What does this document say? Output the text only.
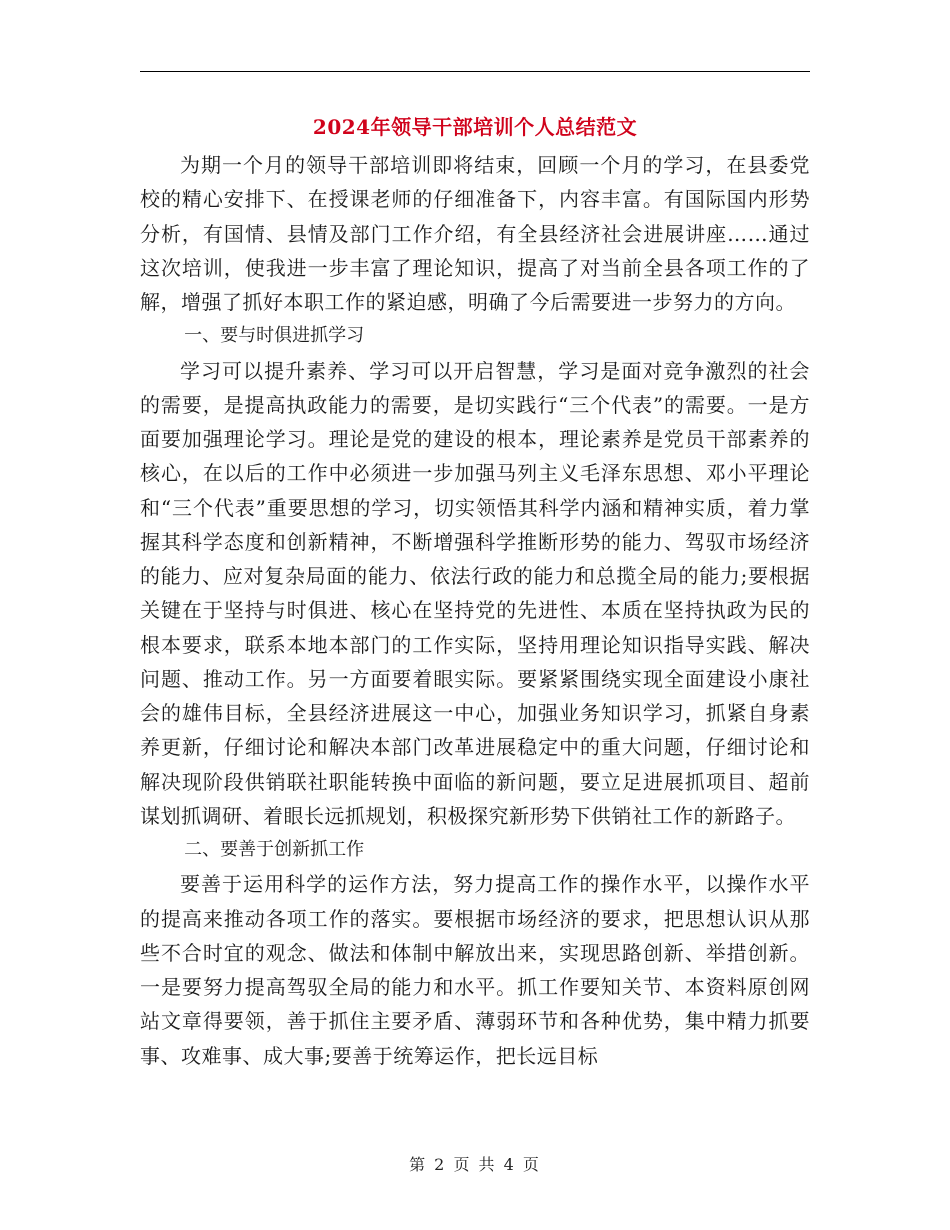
2024年领导干部培训个人总结范文

为期一个月的领导干部培训即将结束，回顾一个月的学习，在县委党校的精心安排下、在授课老师的仔细准备下，内容丰富。有国际国内形势分析，有国情、县情及部门工作介绍，有全县经济社会进展讲座……通过这次培训，使我进一步丰富了理论知识，提高了对当前全县各项工作的了解，增强了抓好本职工作的紧迫感，明确了今后需要进一步努力的方向。

一、要与时俱进抓学习

学习可以提升素养、学习可以开启智慧，学习是面对竞争激烈的社会的需要，是提高执政能力的需要，是切实践行“三个代表”的需要。一是方面要加强理论学习。理论是党的建设的根本，理论素养是党员干部素养的核心，在以后的工作中必须进一步加强马列主义毛泽东思想、邓小平理论和“三个代表”重要思想的学习，切实领悟其科学内涵和精神实质，着力掌握其科学态度和创新精神，不断增强科学推断形势的能力、驾驭市场经济的能力、应对复杂局面的能力、依法行政的能力和总揽全局的能力;要根据关键在于坚持与时俱进、核心在坚持党的先进性、本质在坚持执政为民的根本要求，联系本地本部门的工作实际，坚持用理论知识指导实践、解决问题、推动工作。另一方面要着眼实际。要紧紧围绕实现全面建设小康社会的雄伟目标，全县经济进展这一中心，加强业务知识学习，抓紧自身素养更新，仔细讨论和解决本部门改革进展稳定中的重大问题，仔细讨论和解决现阶段供销联社职能转换中面临的新问题，要立足进展抓项目、超前谋划抓调研、着眼长远抓规划，积极探究新形势下供销社工作的新路子。

二、要善于创新抓工作

要善于运用科学的运作方法，努力提高工作的操作水平，以操作水平的提高来推动各项工作的落实。要根据市场经济的要求，把思想认识从那些不合时宜的观念、做法和体制中解放出来，实现思路创新、举措创新。一是要努力提高驾驭全局的能力和水平。抓工作要知关节、本资料原创网站文章得要领，善于抓住主要矛盾、薄弱环节和各种优势，集中精力抓要事、攻难事、成大事;要善于统筹运作，把长远目标

第 2 页 共 4 页
